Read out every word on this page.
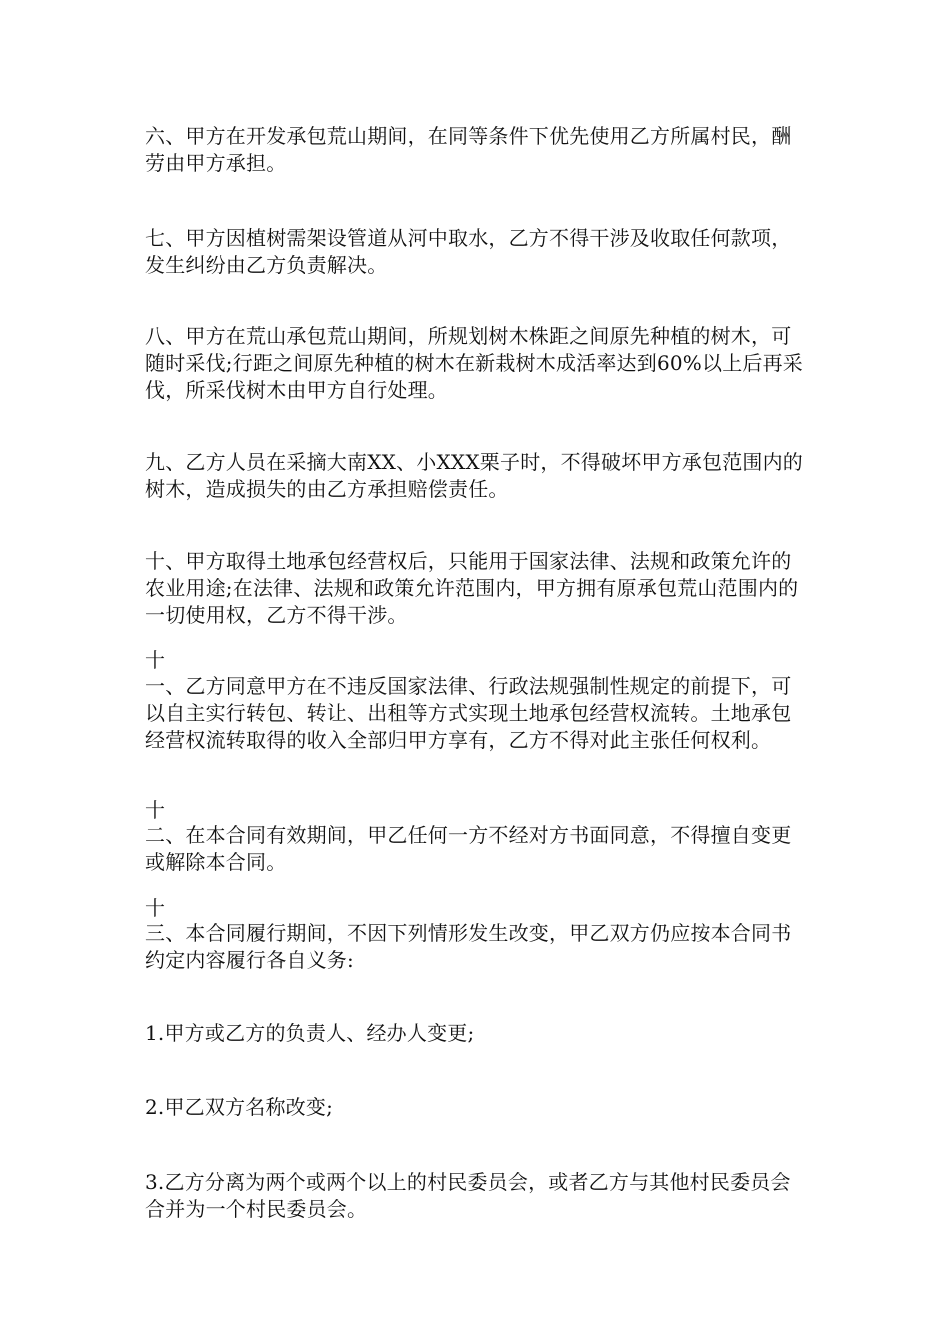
六、甲方在开发承包荒山期间，在同等条件下优先使用乙方所属村民，酬劳由甲方承担。

七、甲方因植树需架设管道从河中取水，乙方不得干涉及收取任何款项，发生纠纷由乙方负责解决。

八、甲方在荒山承包荒山期间，所规划树木株距之间原先种植的树木，可随时采伐;行距之间原先种植的树木在新栽树木成活率达到60%以上后再采伐，所采伐树木由甲方自行处理。

九、乙方人员在采摘大南XX、小XXX栗子时，不得破坏甲方承包范围内的树木，造成损失的由乙方承担赔偿责任。

十、甲方取得土地承包经营权后，只能用于国家法律、法规和政策允许的农业用途;在法律、法规和政策允许范围内，甲方拥有原承包荒山范围内的一切使用权，乙方不得干涉。

十

一、乙方同意甲方在不违反国家法律、行政法规强制性规定的前提下，可以自主实行转包、转让、出租等方式实现土地承包经营权流转。土地承包经营权流转取得的收入全部归甲方享有，乙方不得对此主张任何权利。

十

二、在本合同有效期间，甲乙任何一方不经对方书面同意，不得擅自变更或解除本合同。

十

三、本合同履行期间，不因下列情形发生改变，甲乙双方仍应按本合同书约定内容履行各自义务:

1.甲方或乙方的负责人、经办人变更;

2.甲乙双方名称改变;

3.乙方分离为两个或两个以上的村民委员会，或者乙方与其他村民委员会合并为一个村民委员会。
